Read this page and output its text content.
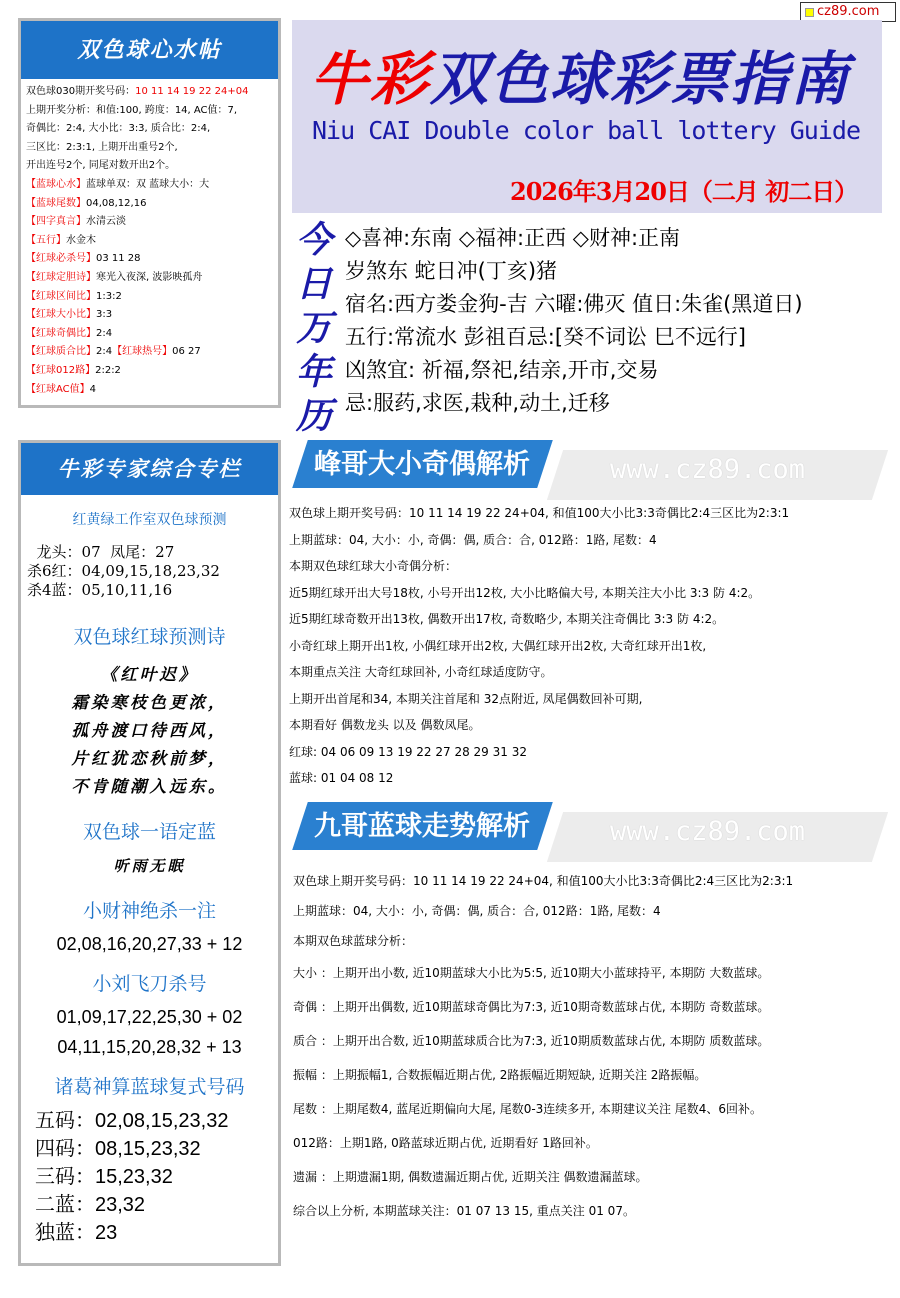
cz89.com
双色球心水帖
双色球030期开奖号码：10 11 14 19 22 24+04
上期开奖分析：和值:100, 跨度：14, AC值：7,
奇偶比：2:4, 大小比：3:3, 质合比：2:4,
三区比：2:3:1, 上期开出重号2个,
开出连号2个, 同尾对数开出2个。
【蓝球心水】蓝球单双：双 蓝球大小：大
【蓝球尾数】04,08,12,16
【四字真言】水清云淡
【五行】水金木
【红球必杀号】03 11 28
【红球定胆诗】寒光入夜深, 波影映孤舟
【红球区间比】1:3:2
【红球大小比】3:3
【红球奇偶比】2:4
【红球质合比】2:4【红球热号】06 27
【红球012路】2:2:2
【红球AC值】4
牛彩专家综合专栏
红黄绿工作室双色球预测
龙头：07  凤尾：27
杀6红：04,09,15,18,23,32
杀4蓝：05,10,11,16
双色球红球预测诗
《红叶迟》
霜染寒枝色更浓，
孤舟渡口待西风，
片红犹恋秋前梦，
不肯随潮入远东。
双色球一语定蓝
听雨无眠
小财神绝杀一注
02,08,16,20,27,33 + 12
小刘飞刀杀号
01,09,17,22,25,30 + 02
04,11,15,20,28,32 + 13
诸葛神算蓝球复式号码
五码：02,08,15,23,32
四码：08,15,23,32
三码：15,23,32
二蓝：23,32
独蓝：23
牛彩双色球彩票指南
Niu CAI Double color ball lottery Guide
2026年3月20日（二月 初二日）
今
日
万
年
历
◇喜神:东南 ◇福神:正西 ◇财神:正南
岁煞东 蛇日冲(丁亥)猪
宿名:西方娄金狗-吉 六曜:佛灭 值日:朱雀(黑道日)
五行:常流水 彭祖百忌:[癸不词讼 巳不远行]
凶煞宜: 祈福,祭祀,结亲,开市,交易
忌:服药,求医,栽种,动土,迁移
峰哥大小奇偶解析	www.cz89.com

双色球上期开奖号码：10 11 14 19 22 24+04, 和值100大小比3:3奇偶比2:4三区比为2:3:1

上期蓝球：04, 大小：小, 奇偶：偶, 质合：合, 012路：1路, 尾数：4

本期双色球红球大小奇偶分析：

近5期红球开出大号18枚, 小号开出12枚, 大小比略偏大号, 本期关注大小比 3:3 防 4:2。

近5期红球奇数开出13枚, 偶数开出17枚, 奇数略少, 本期关注奇偶比 3:3 防 4:2。

小奇红球上期开出1枚, 小偶红球开出2枚, 大偶红球开出2枚, 大奇红球开出1枚,

本期重点关注 大奇红球回补, 小奇红球适度防守。

上期开出首尾和34, 本期关注首尾和 32点附近, 凤尾偶数回补可期,

本期看好 偶数龙头 以及 偶数凤尾。

红球: 04 06 09 13 19 22 27 28 29 31 32

蓝球: 01 04 08 12

九哥蓝球走势解析	www.cz89.com

双色球上期开奖号码：10 11 14 19 22 24+04, 和值100大小比3:3奇偶比2:4三区比为2:3:1

上期蓝球：04, 大小：小, 奇偶：偶, 质合：合, 012路：1路, 尾数：4

本期双色球蓝球分析：

大小 ：上期开出小数, 近10期蓝球大小比为5:5, 近10期大小蓝球持平, 本期防 大数蓝球。

奇偶 ：上期开出偶数, 近10期蓝球奇偶比为7:3, 近10期奇数蓝球占优, 本期防 奇数蓝球。

质合 ：上期开出合数, 近10期蓝球质合比为7:3, 近10期质数蓝球占优, 本期防 质数蓝球。

振幅 ：上期振幅1, 合数振幅近期占优, 2路振幅近期短缺, 近期关注 2路振幅。

尾数 ：上期尾数4, 蓝尾近期偏向大尾, 尾数0-3连续多开, 本期建议关注 尾数4、6回补。

012路：上期1路, 0路蓝球近期占优, 近期看好 1路回补。

遗漏 ：上期遗漏1期, 偶数遗漏近期占优, 近期关注 偶数遗漏蓝球。

综合以上分析, 本期蓝球关注：01 07 13 15, 重点关注 01 07。
